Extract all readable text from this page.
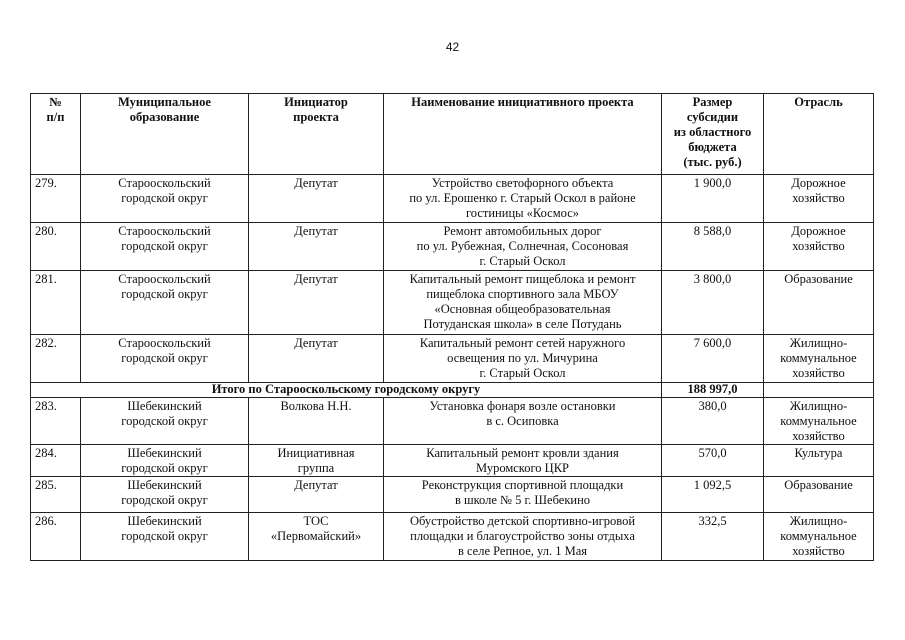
42
№
п/п	Муниципальное
образование	Инициатор
проекта	Наименование инициативного проекта	Размер
субсидии
из областного
бюджета
(тыс. руб.)	Отрасль
279.	Старооскольский
городской округ	Депутат	Устройство светофорного объекта
по ул. Ерошенко г. Старый Оскол в районе
гостиницы «Космос»	1 900,0	Дорожное
хозяйство

280.	Старооскольский
городской округ	Депутат	Ремонт автомобильных дорог
по ул. Рубежная, Солнечная, Сосоновая
г. Старый Оскол	8 588,0	Дорожное
хозяйство

281.	Старооскольский
городской округ	Депутат	Капитальный ремонт пищеблока и ремонт
пищеблока спортивного зала МБОУ
«Основная общеобразовательная
Потуданская школа» в селе Потудань	3 800,0	Образование
282.	Старооскольский
городской округ	Депутат	Капитальный ремонт сетей наружного
освещения по ул. Мичурина
г. Старый Оскол	7 600,0	Жилищно-
коммунальное
хозяйство

Итого по Старооскольскому городскому округу				188 997,0	
283.	Шебекинский
городской округ	Волкова Н.Н.	Установка фонаря возле остановки
в с. Осиповка	380,0	Жилищно-
коммунальное
хозяйство

284.	Шебекинский
городской округ	Инициативная
группа	Капитальный ремонт кровли здания
Муромского ЦКР	570,0	Культура
285.	Шебекинский
городской округ	Депутат	Реконструкция спортивной площадки
в школе № 5 г. Шебекино	1 092,5	Образование
286.	Шебекинский
городской округ	ТОС
«Первомайский»	Обустройство детской спортивно-игровой
площадки и благоустройство зоны отдыха
в селе Репное, ул. 1 Мая	332,5	Жилищно-
коммунальное
хозяйство
